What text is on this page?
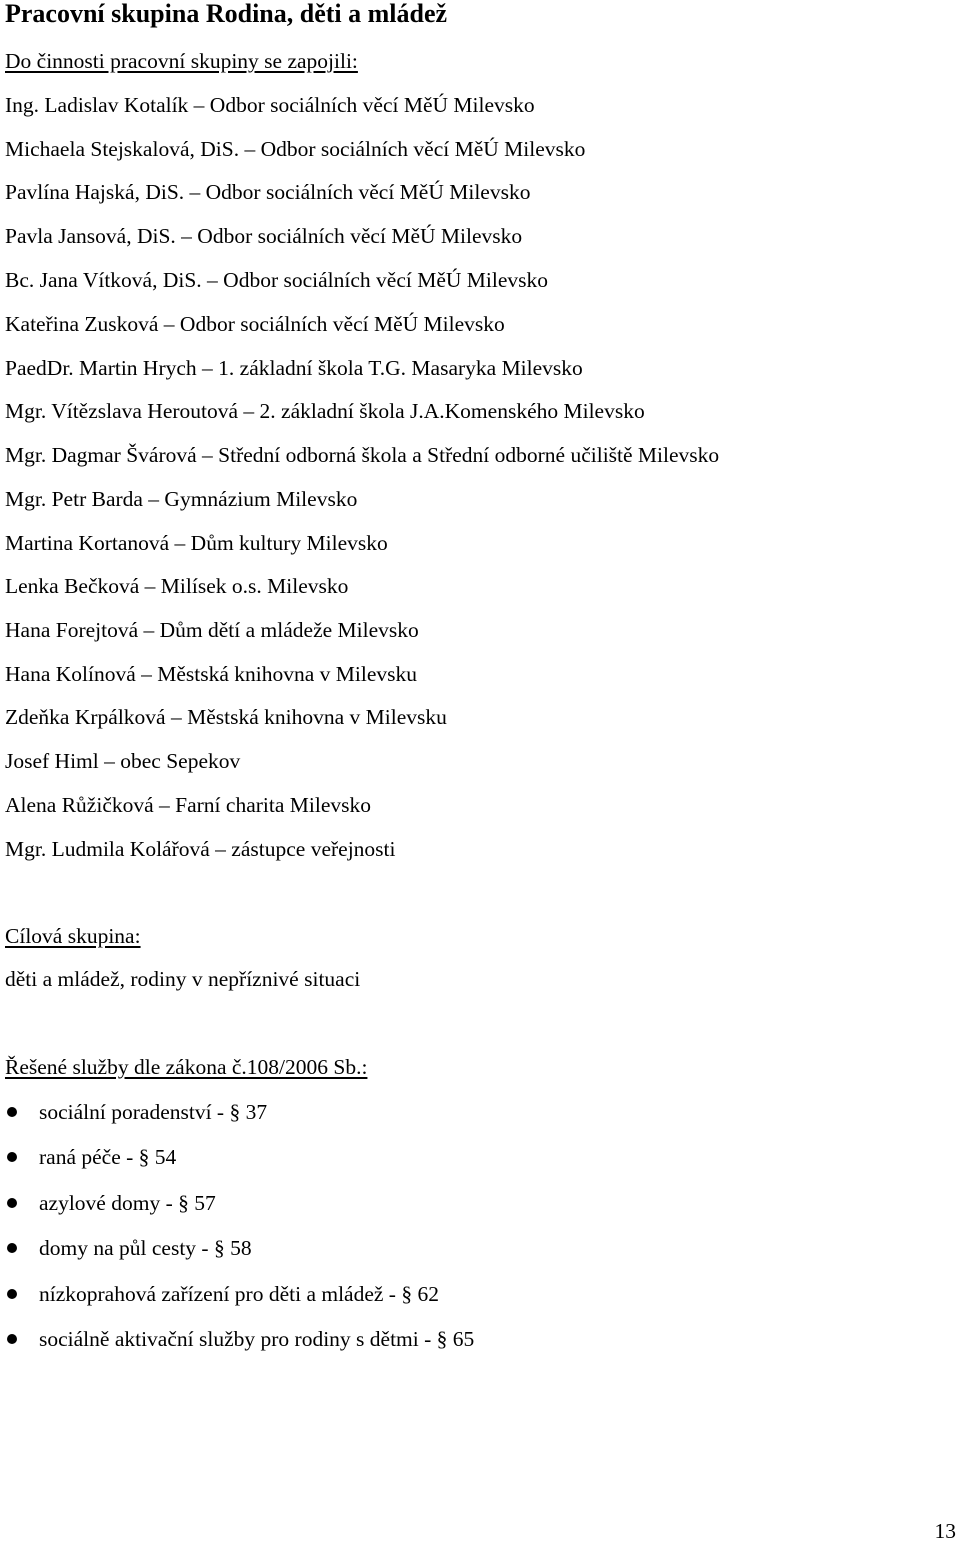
Pracovní skupina Rodina, děti a mládež

Do činnosti pracovní skupiny se zapojili:

Ing. Ladislav Kotalík – Odbor sociálních věcí MěÚ Milevsko

Michaela Stejskalová, DiS. – Odbor sociálních věcí MěÚ Milevsko

Pavlína Hajská, DiS. – Odbor sociálních věcí MěÚ Milevsko

Pavla Jansová, DiS. – Odbor sociálních věcí MěÚ Milevsko

Bc. Jana Vítková, DiS. – Odbor sociálních věcí MěÚ Milevsko

Kateřina Zusková – Odbor sociálních věcí MěÚ Milevsko

PaedDr. Martin Hrych – 1. základní škola T.G. Masaryka Milevsko

Mgr. Vítězslava Heroutová – 2. základní škola J.A.Komenského Milevsko

Mgr. Dagmar Švárová – Střední odborná škola a Střední odborné učiliště Milevsko

Mgr. Petr Barda – Gymnázium Milevsko

Martina Kortanová – Dům kultury Milevsko

Lenka Bečková – Milísek o.s. Milevsko

Hana Forejtová – Dům dětí a mládeže Milevsko

Hana Kolínová – Městská knihovna v Milevsku

Zdeňka Krpálková – Městská knihovna v Milevsku

Josef Himl – obec Sepekov

Alena Růžičková – Farní charita Milevsko

Mgr. Ludmila Kolářová – zástupce veřejnosti

Cílová skupina:

děti a mládež, rodiny v nepříznivé situaci

Řešené služby dle zákona č.108/2006 Sb.:

sociální poradenství - § 37
raná péče - § 54
azylové domy - § 57
domy na půl cesty - § 58
nízkoprahová zařízení pro děti a mládež - § 62
sociálně aktivační služby pro rodiny s dětmi - § 65
13
